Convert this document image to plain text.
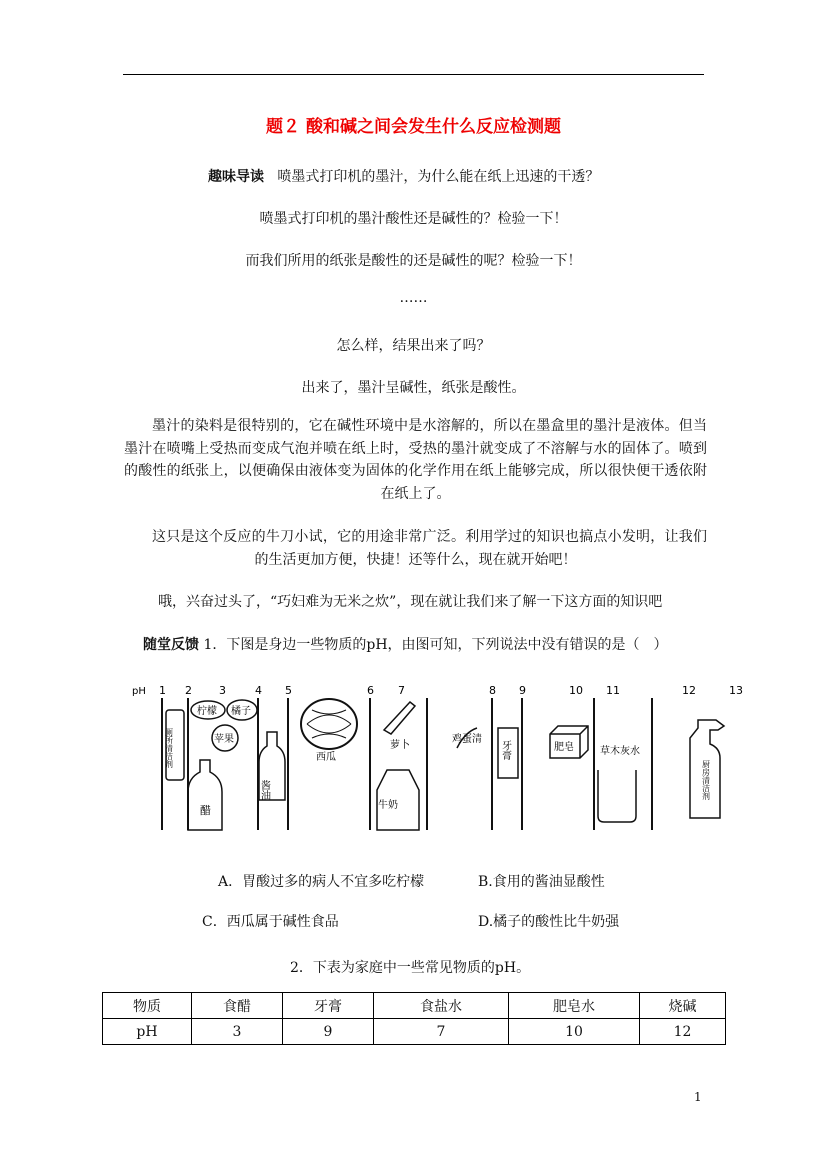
题２ 酸和碱之间会发生什么反应检测题
趣味导读 喷墨式打印机的墨汁，为什么能在纸上迅速的干透？
喷墨式打印机的墨汁酸性还是碱性的？检验一下！
而我们所用的纸张是酸性的还是碱性的呢？检验一下！
……
怎么样，结果出来了吗？
出来了，墨汁呈碱性，纸张是酸性。
墨汁的染料是很特别的，它在碱性环境中是水溶解的，所以在墨盒里的墨汁是液体。但当墨汁在喷嘴上受热而变成气泡并喷在纸上时，受热的墨汁就变成了不溶解与水的固体了。喷到的酸性的纸张上，以便确保由液体变为固体的化学作用在纸上能够完成，所以很快便干透依附在纸上了。
这只是这个反应的牛刀小试，它的用途非常广泛。利用学过的知识也搞点小发明，让我们的生活更加方便，快捷！还等什么，现在就开始吧！
哦，兴奋过头了，“巧妇难为无米之炊”，现在就让我们来了解一下这方面的知识吧
随堂反馈 1．下图是身边一些物质的pH，由图可知，下列说法中没有错误的是（　）
pH 1 2 3	4 5	6 7	8 9	10 11	12	13
厕所清洁剂
柠檬 橘子
苹果
醋
酱油
西瓜
萝卜
牛奶
鸡蛋清
牙膏	肥皂	草木灰水
厨房清洁剂
A．胃酸过多的病人不宜多吃柠檬	B.食用的酱油显酸性
C．西瓜属于碱性食品	D.橘子的酸性比牛奶强
2．下表为家庭中一些常见物质的pH。
物质	食醋	牙膏	食盐水	肥皂水	烧碱
pH	3	9	7	10	12
1
